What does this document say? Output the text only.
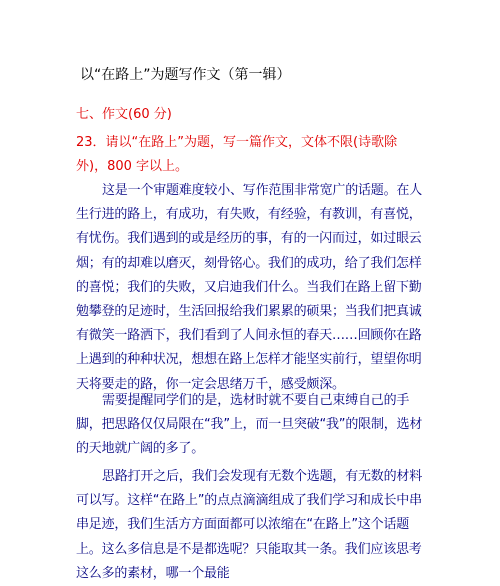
以“在路上”为题写作文（第一辑）
七、作文(60 分)
23．请以“在路上”为题，写一篇作文，文体不限(诗歌除外)，800 字以上。
这是一个审题难度较小、写作范围非常宽广的话题。在人生行进的路上，有成功，有失败，有经验，有教训，有喜悦，有忧伤。我们遇到的或是经历的事，有的一闪而过，如过眼云烟；有的却难以磨灭，刻骨铭心。我们的成功，给了我们怎样的喜悦；我们的失败，又启迪我们什么。当我们在路上留下勤勉攀登的足迹时，生活回报给我们累累的硕果；当我们把真诚有微笑一路洒下，我们看到了人间永恒的春天……回顾你在路上遇到的种种状况，想想在路上怎样才能坚实前行，望望你明天将要走的路，你一定会思绪万千，感受颇深。
需要提醒同学们的是，选材时就不要自己束缚自己的手脚，把思路仅仅局限在“我”上，而一旦突破“我”的限制，选材的天地就广阔的多了。
思路打开之后，我们会发现有无数个选题，有无数的材料可以写。这样“在路上”的点点滴滴组成了我们学习和成长中串串足迹，我们生活方方面面都可以浓缩在“在路上”这个话题上。这么多信息是不是都选呢？只能取其一条。我们应该思考这么多的素材，哪一个最能
